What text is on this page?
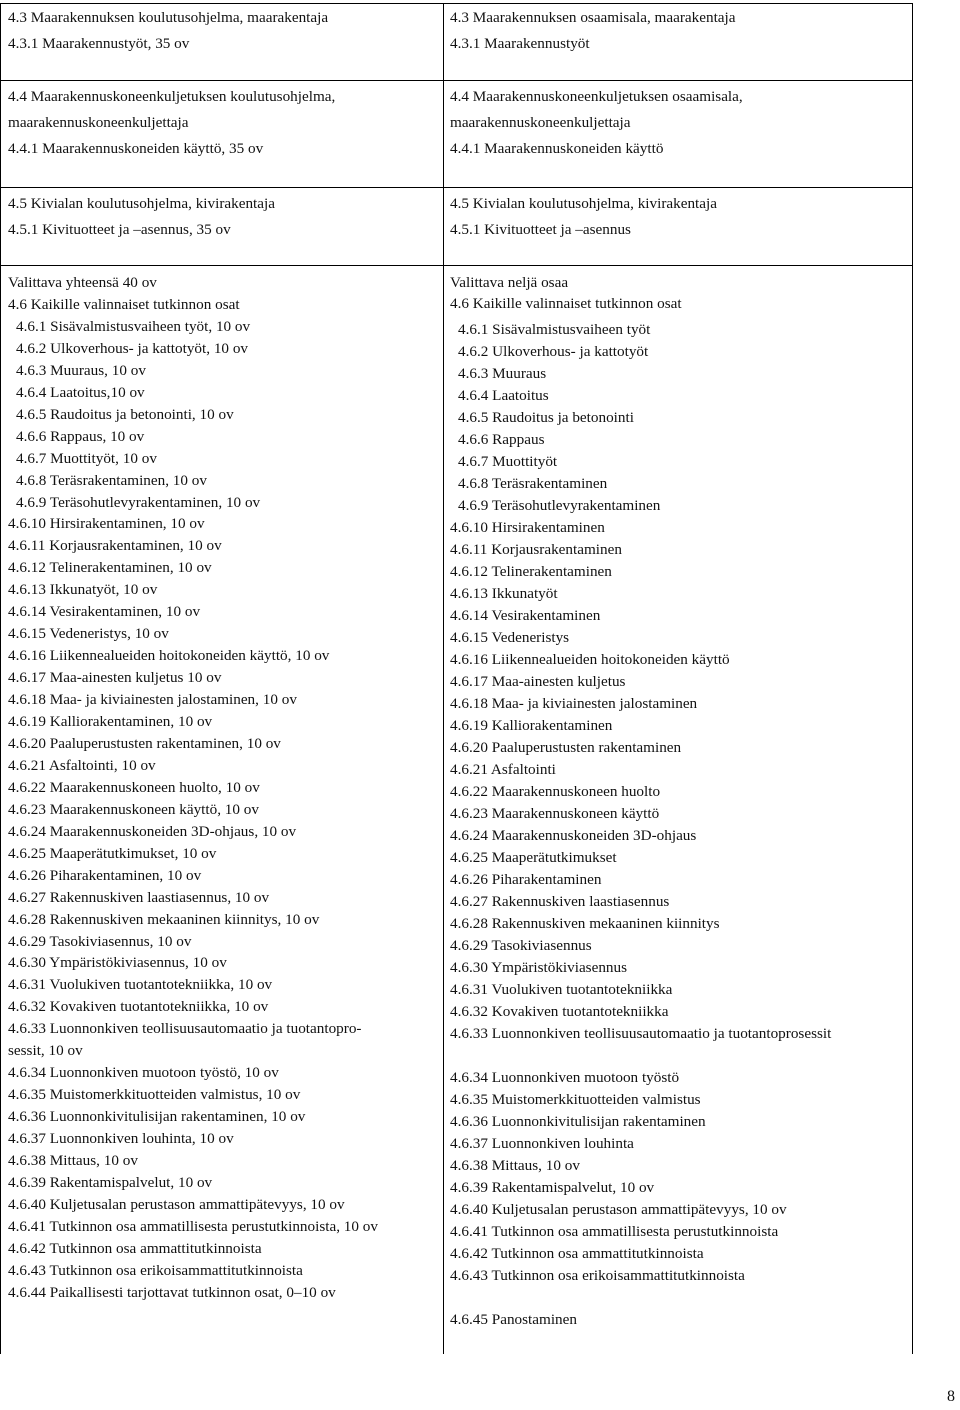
4.3 Maarakennuksen koulutusohjelma, maarakentaja
4.3.1 Maarakennustyöt, 35 ov
4.3 Maarakennuksen osaamisala, maarakentaja
4.3.1 Maarakennustyöt
4.4 Maarakennuskoneenkuljetuksen koulutusohjelma,
maarakennuskoneenkuljettaja
4.4.1 Maarakennuskoneiden käyttö, 35 ov
4.4 Maarakennuskoneenkuljetuksen osaamisala,
maarakennuskoneenkuljettaja
4.4.1 Maarakennuskoneiden käyttö
4.5 Kivialan koulutusohjelma, kivirakentaja
4.5.1 Kivituotteet ja –asennus, 35 ov
4.5 Kivialan koulutusohjelma, kivirakentaja
4.5.1 Kivituotteet ja –asennus
Valittava yhteensä 40 ov
4.6 Kaikille valinnaiset tutkinnon osat
4.6.1 Sisävalmistusvaiheen työt, 10 ov
4.6.2 Ulkoverhous- ja kattotyöt, 10 ov
4.6.3 Muuraus, 10 ov
4.6.4 Laatoitus,10 ov
4.6.5 Raudoitus ja betonointi, 10 ov
4.6.6 Rappaus, 10 ov
4.6.7 Muottityöt, 10 ov
4.6.8 Teräsrakentaminen, 10 ov
4.6.9 Teräsohutlevyrakentaminen, 10 ov
4.6.10 Hirsirakentaminen, 10 ov
4.6.11 Korjausrakentaminen, 10 ov
4.6.12 Telinerakentaminen, 10 ov
4.6.13 Ikkunatyöt, 10 ov
4.6.14 Vesirakentaminen, 10 ov
4.6.15 Vedeneristys, 10 ov
4.6.16 Liikennealueiden hoitokoneiden käyttö, 10 ov
4.6.17 Maa-ainesten kuljetus 10 ov
4.6.18 Maa- ja kiviainesten jalostaminen, 10 ov
4.6.19 Kalliorakentaminen, 10 ov
4.6.20 Paaluperustusten rakentaminen, 10 ov
4.6.21 Asfaltointi, 10 ov
4.6.22 Maarakennuskoneen huolto, 10 ov
4.6.23 Maarakennuskoneen käyttö, 10 ov
4.6.24 Maarakennuskoneiden 3D-ohjaus, 10 ov
4.6.25 Maaperätutkimukset, 10 ov
4.6.26 Piharakentaminen, 10 ov
4.6.27 Rakennuskiven laastiasennus, 10 ov
4.6.28 Rakennuskiven mekaaninen kiinnitys, 10 ov
4.6.29 Tasokiviasennus, 10 ov
4.6.30 Ympäristökiviasennus, 10 ov
4.6.31 Vuolukiven tuotantotekniikka, 10 ov
4.6.32 Kovakiven tuotantotekniikka, 10 ov
4.6.33 Luonnonkiven teollisuusautomaatio ja tuotantopro-
sessit, 10 ov
4.6.34 Luonnonkiven muotoon työstö, 10 ov
4.6.35 Muistomerkkituotteiden valmistus, 10 ov
4.6.36 Luonnonkivitulisijan rakentaminen, 10 ov
4.6.37 Luonnonkiven louhinta, 10 ov
4.6.38 Mittaus, 10 ov
4.6.39 Rakentamispalvelut, 10 ov
4.6.40 Kuljetusalan perustason ammattipätevyys, 10 ov
4.6.41 Tutkinnon osa ammatillisesta perustutkinnoista, 10 ov
4.6.42 Tutkinnon osa ammattitutkinnoista
4.6.43 Tutkinnon osa erikoisammattitutkinnoista
4.6.44 Paikallisesti tarjottavat tutkinnon osat, 0–10 ov
Valittava neljä osaa
4.6 Kaikille valinnaiset tutkinnon osat
4.6.1 Sisävalmistusvaiheen työt
4.6.2 Ulkoverhous- ja kattotyöt
4.6.3 Muuraus
4.6.4 Laatoitus
4.6.5 Raudoitus ja betonointi
4.6.6 Rappaus
4.6.7 Muottityöt
4.6.8 Teräsrakentaminen
4.6.9 Teräsohutlevyrakentaminen
4.6.10 Hirsirakentaminen
4.6.11 Korjausrakentaminen
4.6.12 Telinerakentaminen
4.6.13 Ikkunatyöt
4.6.14 Vesirakentaminen
4.6.15 Vedeneristys
4.6.16 Liikennealueiden hoitokoneiden käyttö
4.6.17 Maa-ainesten kuljetus
4.6.18 Maa- ja kiviainesten jalostaminen
4.6.19 Kalliorakentaminen
4.6.20 Paaluperustusten rakentaminen
4.6.21 Asfaltointi
4.6.22 Maarakennuskoneen huolto
4.6.23 Maarakennuskoneen käyttö
4.6.24 Maarakennuskoneiden 3D-ohjaus
4.6.25 Maaperätutkimukset
4.6.26 Piharakentaminen
4.6.27 Rakennuskiven laastiasennus
4.6.28 Rakennuskiven mekaaninen kiinnitys
4.6.29 Tasokiviasennus
4.6.30 Ympäristökiviasennus
4.6.31 Vuolukiven tuotantotekniikka
4.6.32 Kovakiven tuotantotekniikka
4.6.33 Luonnonkiven teollisuusautomaatio ja tuotantoprosessit
4.6.34 Luonnonkiven muotoon työstö
4.6.35 Muistomerkkituotteiden valmistus
4.6.36 Luonnonkivitulisijan rakentaminen
4.6.37 Luonnonkiven louhinta
4.6.38 Mittaus, 10 ov
4.6.39 Rakentamispalvelut, 10 ov
4.6.40 Kuljetusalan perustason ammattipätevyys, 10 ov
4.6.41 Tutkinnon osa ammatillisesta perustutkinnoista
4.6.42 Tutkinnon osa ammattitutkinnoista
4.6.43 Tutkinnon osa erikoisammattitutkinnoista
4.6.45 Panostaminen
8
